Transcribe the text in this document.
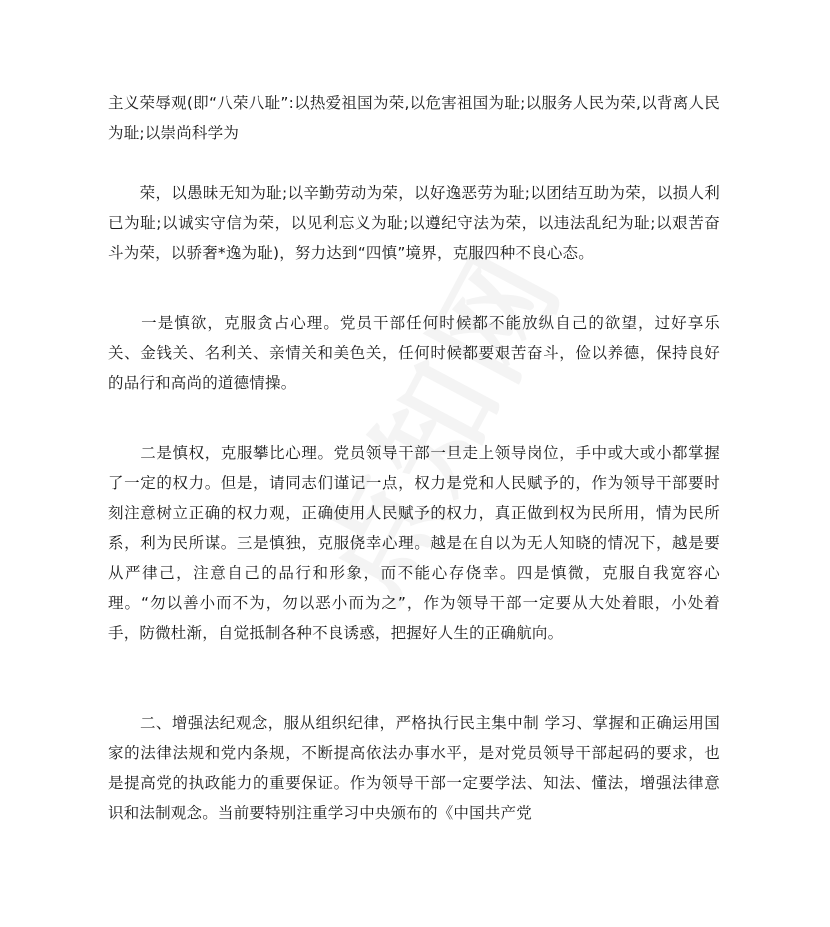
主义荣辱观(即“八荣八耻”:以热爱祖国为荣,以危害祖国为耻;以服务人民为荣,以背离人民为耻;以崇尚科学为

　　荣，以愚昧无知为耻;以辛勤劳动为荣，以好逸恶劳为耻;以团结互助为荣，以损人利已为耻;以诚实守信为荣，以见利忘义为耻;以遵纪守法为荣，以违法乱纪为耻;以艰苦奋斗为荣，以骄奢*逸为耻)，努力达到“四慎”境界，克服四种不良心态。

　　一是慎欲，克服贪占心理。党员干部任何时候都不能放纵自己的欲望，过好享乐关、金钱关、名利关、亲情关和美色关，任何时候都要艰苦奋斗，俭以养德，保持良好的品行和高尚的道德情操。

　　二是慎权，克服攀比心理。党员领导干部一旦走上领导岗位，手中或大或小都掌握了一定的权力。但是，请同志们谨记一点，权力是党和人民赋予的，作为领导干部要时刻注意树立正确的权力观，正确使用人民赋予的权力，真正做到权为民所用，情为民所系，利为民所谋。三是慎独，克服侥幸心理。越是在自以为无人知晓的情况下，越是要从严律己，注意自己的品行和形象，而不能心存侥幸。四是慎微，克服自我宽容心理。“勿以善小而不为，勿以恶小而为之”，作为领导干部一定要从大处着眼，小处着手，防微杜渐，自觉抵制各种不良诱惑，把握好人生的正确航向。

　　二、增强法纪观念，服从组织纪律，严格执行民主集中制 学习、掌握和正确运用国家的法律法规和党内条规，不断提高依法办事水平，是对党员领导干部起码的要求，也是提高党的执政能力的重要保证。作为领导干部一定要学法、知法、懂法，增强法律意识和法制观念。当前要特别注重学习中央颁布的《中国共产党
